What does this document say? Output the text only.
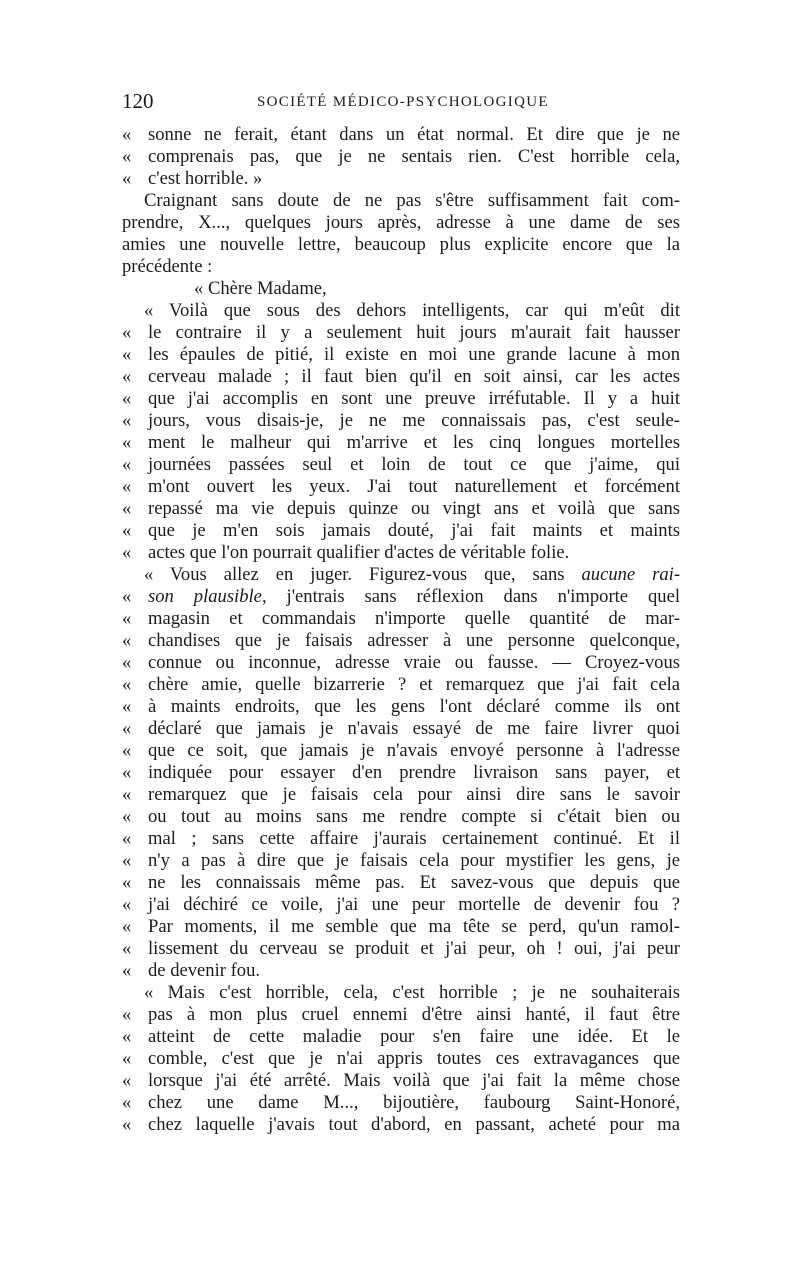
120	SOCIÉTÉ MÉDICO-PSYCHOLOGIQUE
« sonne ne ferait, étant dans un état normal. Et dire que je ne
« comprenais pas, que je ne sentais rien. C'est horrible cela,
« c'est horrible. »
Craignant sans doute de ne pas s'être suffisamment fait com-
prendre, X..., quelques jours après, adresse à une dame de ses
amies une nouvelle lettre, beaucoup plus explicite encore que la
précédente :
« Chère Madame,
« Voilà que sous des dehors intelligents, car qui m'eût dit
« le contraire il y a seulement huit jours m'aurait fait hausser
« les épaules de pitié, il existe en moi une grande lacune à mon
« cerveau malade ; il faut bien qu'il en soit ainsi, car les actes
« que j'ai accomplis en sont une preuve irréfutable. Il y a huit
« jours, vous disais-je, je ne me connaissais pas, c'est seule-
« ment le malheur qui m'arrive et les cinq longues mortelles
« journées passées seul et loin de tout ce que j'aime, qui
« m'ont ouvert les yeux. J'ai tout naturellement et forcément
« repassé ma vie depuis quinze ou vingt ans et voilà que sans
« que je m'en sois jamais douté, j'ai fait maints et maints
« actes que l'on pourrait qualifier d'actes de véritable folie.
« Vous allez en juger. Figurez-vous que, sans aucune rai-
« son plausible, j'entrais sans réflexion dans n'importe quel
« magasin et commandais n'importe quelle quantité de mar-
« chandises que je faisais adresser à une personne quelconque,
« connue ou inconnue, adresse vraie ou fausse. — Croyez-vous
« chère amie, quelle bizarrerie ? et remarquez que j'ai fait cela
« à maints endroits, que les gens l'ont déclaré comme ils ont
« déclaré que jamais je n'avais essayé de me faire livrer quoi
« que ce soit, que jamais je n'avais envoyé personne à l'adresse
« indiquée pour essayer d'en prendre livraison sans payer, et
« remarquez que je faisais cela pour ainsi dire sans le savoir
« ou tout au moins sans me rendre compte si c'était bien ou
« mal ; sans cette affaire j'aurais certainement continué. Et il
« n'y a pas à dire que je faisais cela pour mystifier les gens, je
« ne les connaissais même pas. Et savez-vous que depuis que
« j'ai déchiré ce voile, j'ai une peur mortelle de devenir fou ?
« Par moments, il me semble que ma tête se perd, qu'un ramol-
« lissement du cerveau se produit et j'ai peur, oh ! oui, j'ai peur
« de devenir fou.
« Mais c'est horrible, cela, c'est horrible ; je ne souhaiterais
« pas à mon plus cruel ennemi d'être ainsi hanté, il faut être
« atteint de cette maladie pour s'en faire une idée. Et le
« comble, c'est que je n'ai appris toutes ces extravagances que
« lorsque j'ai été arrêté. Mais voilà que j'ai fait la même chose
« chez une dame M..., bijoutière, faubourg Saint-Honoré,
« chez laquelle j'avais tout d'abord, en passant, acheté pour ma
